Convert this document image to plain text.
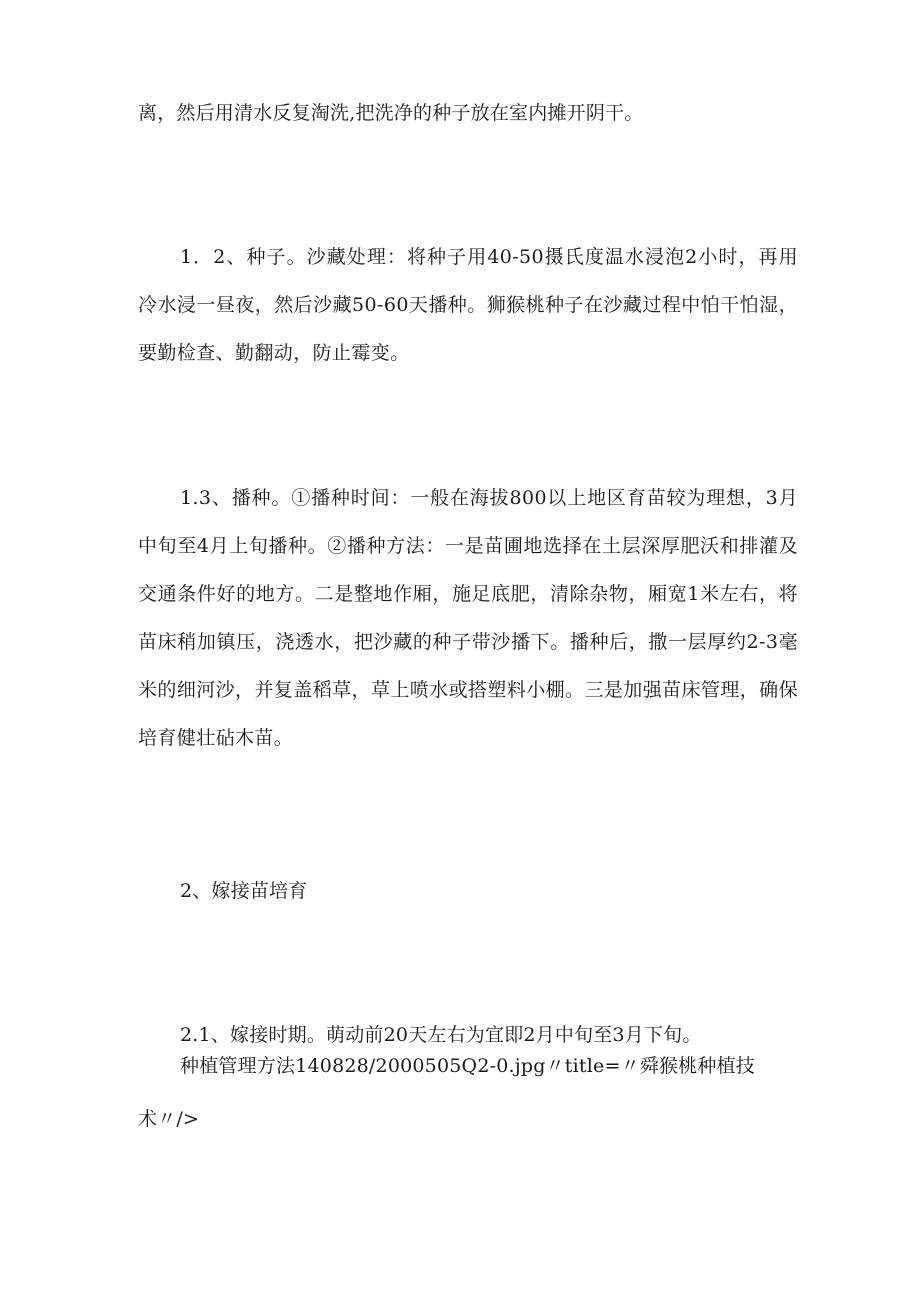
离，然后用清水反复淘洗,把洗净的种子放在室内摊开阴干。
1．2、种子。沙藏处理：将种子用40-50摄氏度温水浸泡2小时，再用冷水浸一昼夜，然后沙藏50-60天播种。狮猴桃种子在沙藏过程中怕干怕湿，要勤检查、勤翻动，防止霉变。
1.3、播种。①播种时间：一般在海拔800以上地区育苗较为理想，3月中旬至4月上旬播种。②播种方法：一是苗圃地选择在土层深厚肥沃和排灌及交通条件好的地方。二是整地作厢，施足底肥，清除杂物，厢宽1米左右，将苗床稍加镇压，浇透水，把沙藏的种子带沙播下。播种后，撒一层厚约2-3毫米的细河沙，并复盖稻草，草上喷水或搭塑料小棚。三是加强苗床管理，确保培育健壮砧木苗。
2、嫁接苗培育
2.1、嫁接时期。萌动前20天左右为宜即2月中旬至3月下旬。
种植管理方法140828/2000505Q2-0.jpg〃title=〃舜猴桃种植技
术〃/>
